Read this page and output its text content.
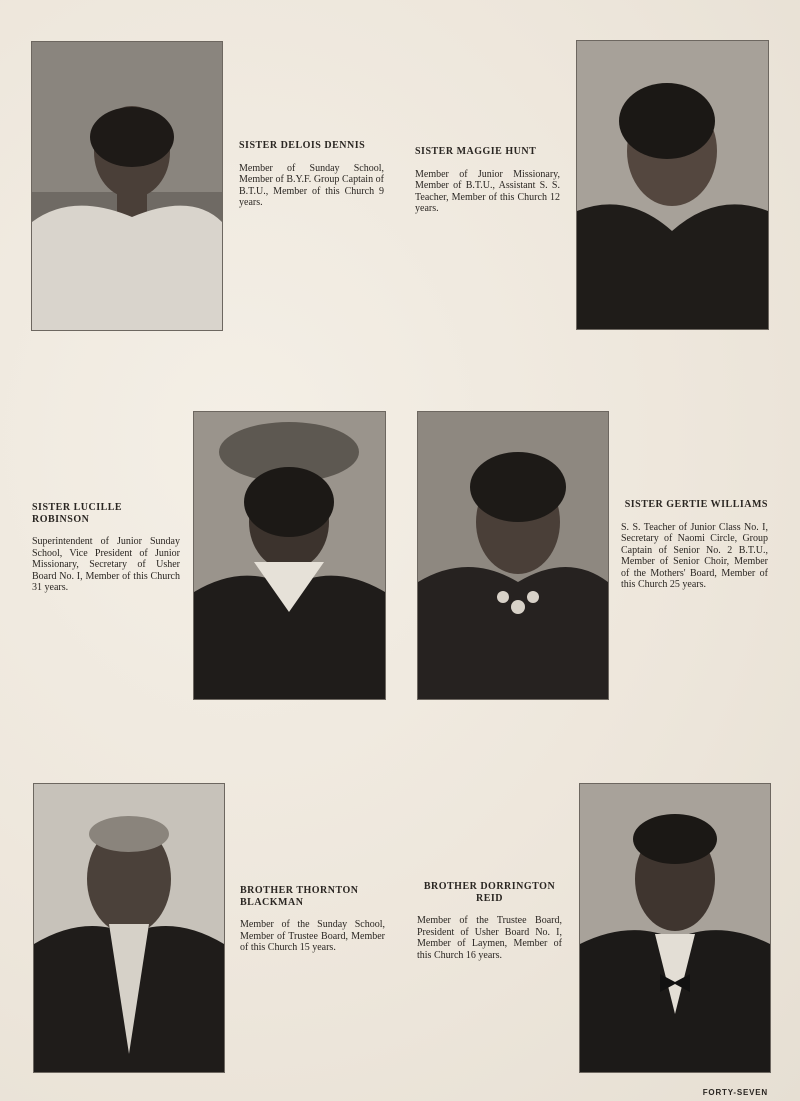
SISTER DELOIS DENNIS
Member of Sunday School, Member of B.Y.F. Group Captain of B.T.U., Member of this Church 9 years.
SISTER MAGGIE HUNT
Member of Junior Missionary, Member of B.T.U., Assistant S. S. Teacher, Member of this Church 12 years.
SISTER LUCILLE ROBINSON
Superintendent of Junior Sunday School, Vice President of Junior Missionary, Secretary of Usher Board No. I, Member of this Church 31 years.
SISTER GERTIE WILLIAMS
S. S. Teacher of Junior Class No. I, Secretary of Naomi Circle, Group Captain of Senior No. 2 B.T.U., Member of Senior Choir, Member of the Mothers' Board, Member of this Church 25 years.
BROTHER THORNTON BLACKMAN
Member of the Sunday School, Member of Trustee Board, Member of this Church 15 years.
BROTHER DORRINGTON REID
Member of the Trustee Board, President of Usher Board No. I, Member of Laymen, Member of this Church 16 years.
FORTY-SEVEN
